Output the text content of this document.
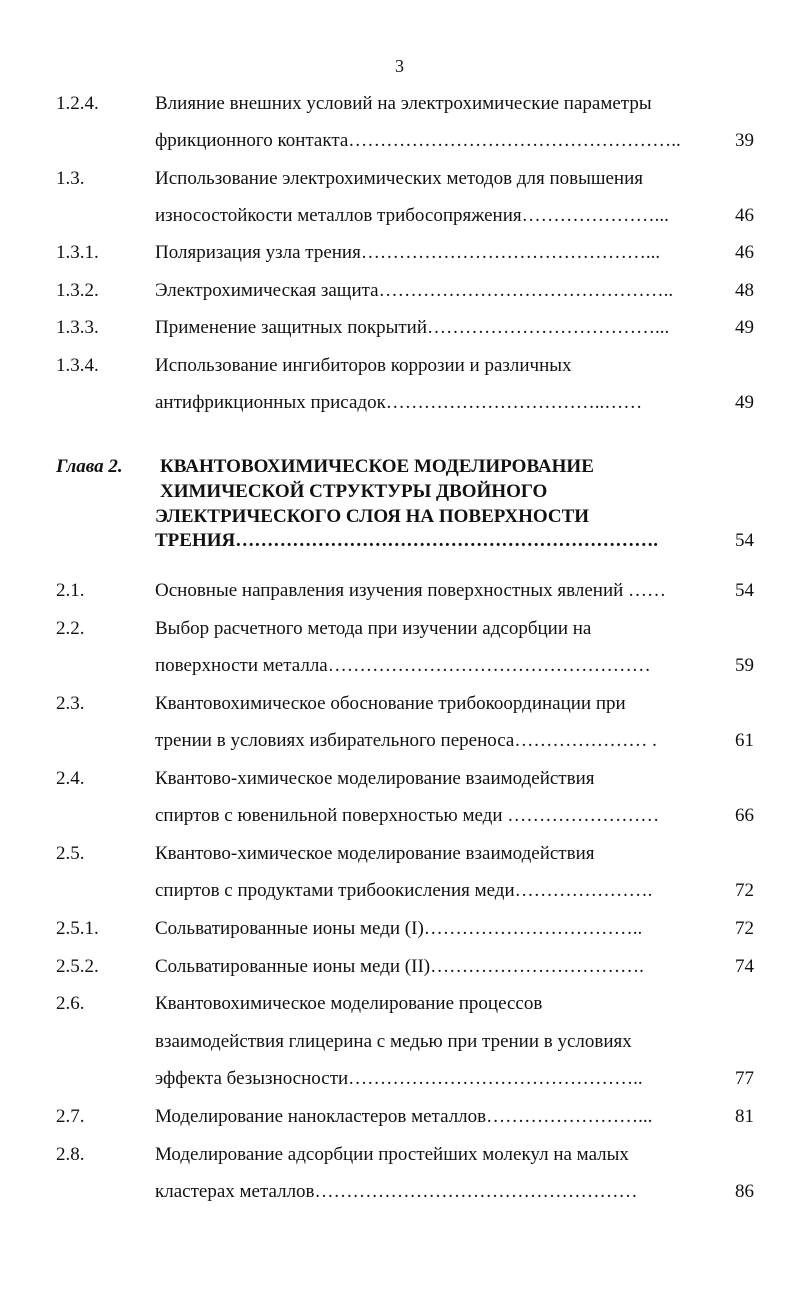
3
1.2.4.	Влияние внешних условий на электрохимические параметры
фрикционного контакта……………………………………………..	39
1.3.	Использование электрохимических методов для повышения
износостойкости металлов трибосопряжения…………………...	46
1.3.1.	Поляризация узла трения………………………………………...	46
1.3.2.	Электрохимическая защита………………………………………..	48
1.3.3.	Применение защитных покрытий………………………………...	49
1.3.4.	Использование ингибиторов коррозии и различных
антифрикционных присадок……………………………..……	49
Глава 2. КВАНТОВОХИМИЧЕСКОЕ МОДЕЛИРОВАНИЕ
ХИМИЧЕСКОЙ СТРУКТУРЫ ДВОЙНОГО
ЭЛЕКТРИЧЕСКОГО СЛОЯ НА ПОВЕРХНОСТИ
ТРЕНИЯ………………………………………………………….	54
2.1.	Основные направления изучения поверхностных явлений ……	54
2.2.	Выбор расчетного метода при изучении адсорбции на
поверхности металла……………………………………………	59
2.3.	Квантовохимическое обоснование трибокоординации при
трении в условиях избирательного переноса………………… .	61
2.4.	Квантово-химическое моделирование взаимодействия
спиртов с ювенильной поверхностью меди ……………………	66
2.5.	Квантово-химическое моделирование взаимодействия
спиртов с продуктами трибоокисления меди………………….	72
2.5.1.	Сольватированные ионы меди (I)……………………………..	72
2.5.2.	Сольватированные ионы меди (II)…………………………….	74
2.6.	Квантовохимическое моделирование процессов
взаимодействия глицерина с медью при трении в условиях
эффекта безызносности………………………………………..	77
2.7.	Моделирование нанокластеров металлов……………………...	81
2.8.	Моделирование адсорбции простейших молекул на малых
кластерах металлов……………………………………………	86
